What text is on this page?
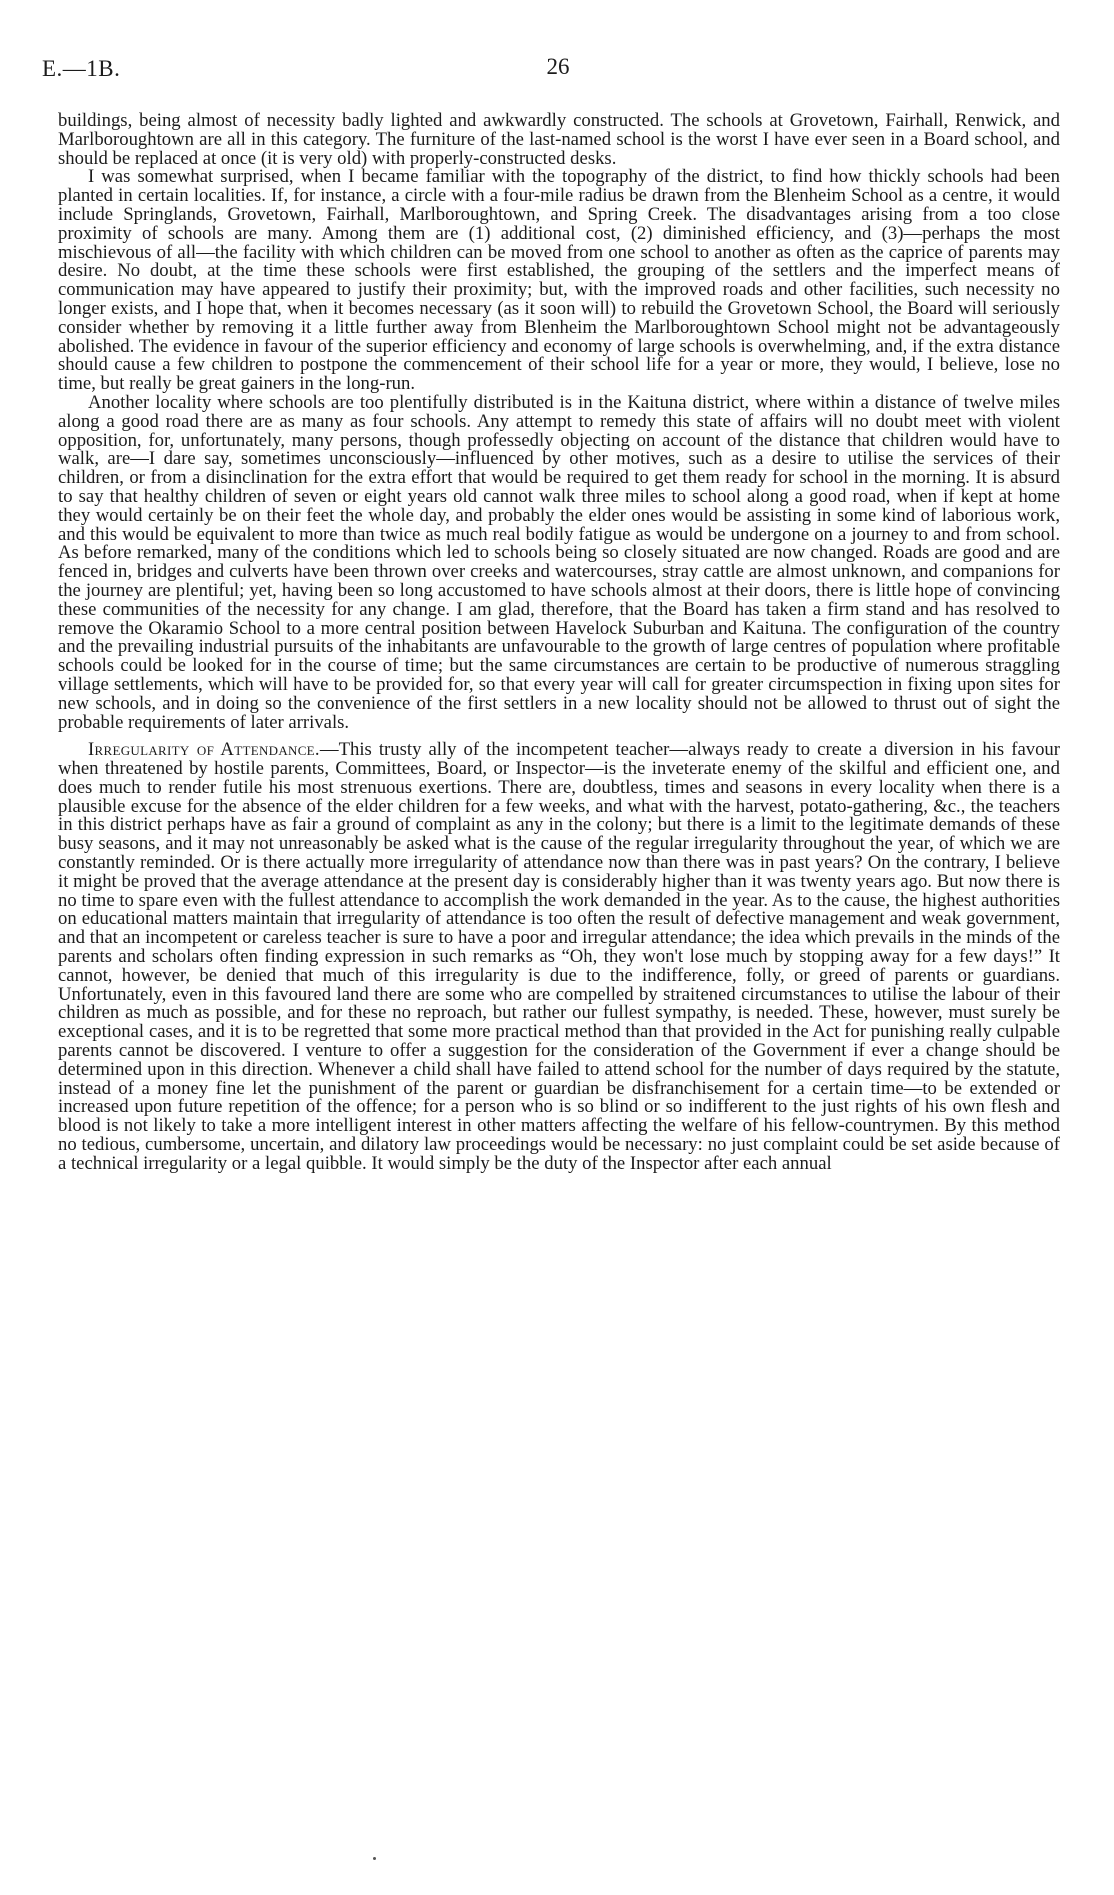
E.—1B.	26

buildings, being almost of necessity badly lighted and awkwardly constructed. The schools at Grovetown, Fairhall, Renwick, and Marlboroughtown are all in this category. The furniture of the last-named school is the worst I have ever seen in a Board school, and should be replaced at once (it is very old) with properly-constructed desks.

I was somewhat surprised, when I became familiar with the topography of the district, to find how thickly schools had been planted in certain localities. If, for instance, a circle with a four-mile radius be drawn from the Blenheim School as a centre, it would include Springlands, Grovetown, Fairhall, Marlboroughtown, and Spring Creek. The disadvantages arising from a too close proximity of schools are many. Among them are (1) additional cost, (2) diminished efficiency, and (3)—perhaps the most mischievous of all—the facility with which children can be moved from one school to another as often as the caprice of parents may desire. No doubt, at the time these schools were first established, the grouping of the settlers and the imperfect means of communication may have appeared to justify their proximity; but, with the improved roads and other facilities, such necessity no longer exists, and I hope that, when it becomes necessary (as it soon will) to rebuild the Grovetown School, the Board will seriously consider whether by removing it a little further away from Blenheim the Marlboroughtown School might not be advantageously abolished. The evidence in favour of the superior efficiency and economy of large schools is overwhelming, and, if the extra distance should cause a few children to postpone the commencement of their school life for a year or more, they would, I believe, lose no time, but really be great gainers in the long-run.

Another locality where schools are too plentifully distributed is in the Kaituna district, where within a distance of twelve miles along a good road there are as many as four schools. Any attempt to remedy this state of affairs will no doubt meet with violent opposition, for, unfortunately, many persons, though professedly objecting on account of the distance that children would have to walk, are—I dare say, sometimes unconsciously—influenced by other motives, such as a desire to utilise the services of their children, or from a disinclination for the extra effort that would be required to get them ready for school in the morning. It is absurd to say that healthy children of seven or eight years old cannot walk three miles to school along a good road, when if kept at home they would certainly be on their feet the whole day, and probably the elder ones would be assisting in some kind of laborious work, and this would be equivalent to more than twice as much real bodily fatigue as would be undergone on a journey to and from school. As before remarked, many of the conditions which led to schools being so closely situated are now changed. Roads are good and are fenced in, bridges and culverts have been thrown over creeks and watercourses, stray cattle are almost unknown, and companions for the journey are plentiful; yet, having been so long accustomed to have schools almost at their doors, there is little hope of convincing these communities of the necessity for any change. I am glad, therefore, that the Board has taken a firm stand and has resolved to remove the Okaramio School to a more central position between Havelock Suburban and Kaituna. The configuration of the country and the prevailing industrial pursuits of the inhabitants are unfavourable to the growth of large centres of population where profitable schools could be looked for in the course of time; but the same circumstances are certain to be productive of numerous straggling village settlements, which will have to be provided for, so that every year will call for greater circumspection in fixing upon sites for new schools, and in doing so the convenience of the first settlers in a new locality should not be allowed to thrust out of sight the probable requirements of later arrivals.

Irregularity of Attendance.—This trusty ally of the incompetent teacher—always ready to create a diversion in his favour when threatened by hostile parents, Committees, Board, or Inspector—is the inveterate enemy of the skilful and efficient one, and does much to render futile his most strenuous exertions. There are, doubtless, times and seasons in every locality when there is a plausible excuse for the absence of the elder children for a few weeks, and what with the harvest, potato-gathering, &c., the teachers in this district perhaps have as fair a ground of complaint as any in the colony; but there is a limit to the legitimate demands of these busy seasons, and it may not unreasonably be asked what is the cause of the regular irregularity throughout the year, of which we are constantly reminded. Or is there actually more irregularity of attendance now than there was in past years? On the contrary, I believe it might be proved that the average attendance at the present day is considerably higher than it was twenty years ago. But now there is no time to spare even with the fullest attendance to accomplish the work demanded in the year. As to the cause, the highest authorities on educational matters maintain that irregularity of attendance is too often the result of defective management and weak government, and that an incompetent or careless teacher is sure to have a poor and irregular attendance; the idea which prevails in the minds of the parents and scholars often finding expression in such remarks as “Oh, they won't lose much by stopping away for a few days!” It cannot, however, be denied that much of this irregularity is due to the indifference, folly, or greed of parents or guardians. Unfortunately, even in this favoured land there are some who are compelled by straitened circumstances to utilise the labour of their children as much as possible, and for these no reproach, but rather our fullest sympathy, is needed. These, however, must surely be exceptional cases, and it is to be regretted that some more practical method than that provided in the Act for punishing really culpable parents cannot be discovered. I venture to offer a suggestion for the consideration of the Government if ever a change should be determined upon in this direction. Whenever a child shall have failed to attend school for the number of days required by the statute, instead of a money fine let the punishment of the parent or guardian be disfranchisement for a certain time—to be extended or increased upon future repetition of the offence; for a person who is so blind or so indifferent to the just rights of his own flesh and blood is not likely to take a more intelligent interest in other matters affecting the welfare of his fellow-countrymen. By this method no tedious, cumbersome, uncertain, and dilatory law proceedings would be necessary: no just complaint could be set aside because of a technical irregularity or a legal quibble. It would simply be the duty of the Inspector after each annual
